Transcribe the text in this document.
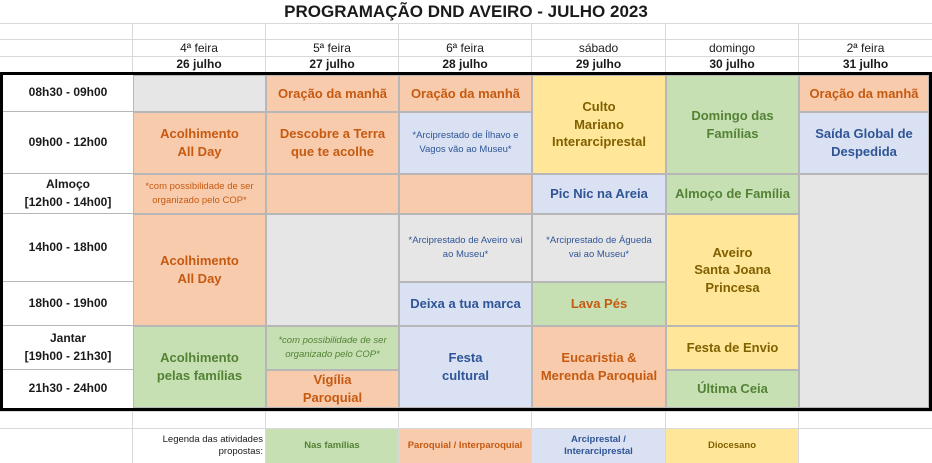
PROGRAMAÇÃO DND AVEIRO - JULHO 2023
4ª feira
26 julho
5ª feira
27 julho
6ª feira
28 julho
sábado
29 julho
domingo
30 julho
2ª feira
31 julho
08h30 - 09h00
09h00 - 12h00
Almoço
[12h00 - 14h00]
14h00 - 18h00
18h00 - 19h00
Jantar
[19h00 - 21h30]
21h30 - 24h00
Acolhimento
All Day
*com possibilidade de ser organizado pelo COP*
Acolhimento
All Day
Acolhimento
pelas famílias
Oração da manhã
Descobre a Terra
que te acolhe
*com possibilidade de ser organizado pelo COP*
Vigília
Paroquial
Oração da manhã
*Arciprestado de Ílhavo e Vagos vão ao Museu*
*Arciprestado de Aveiro vai ao Museu*
Deixa a tua marca
Festa
cultural
Culto
Mariano
Interarciprestal
Pic Nic na Areia
*Arciprestado de Águeda vai ao Museu*
Lava Pés
Eucaristia &
Merenda Paroquial
Domingo das
Famílias
Almoço de Família
Aveiro
Santa Joana
Princesa
Festa de Envio
Última Ceia
Oração da manhã
Saída Global de
Despedida
Legenda das atividades
propostas:
Nas famílias	Paroquial / Interparoquial
Arciprestal /
Interarciprestal
Diocesano
